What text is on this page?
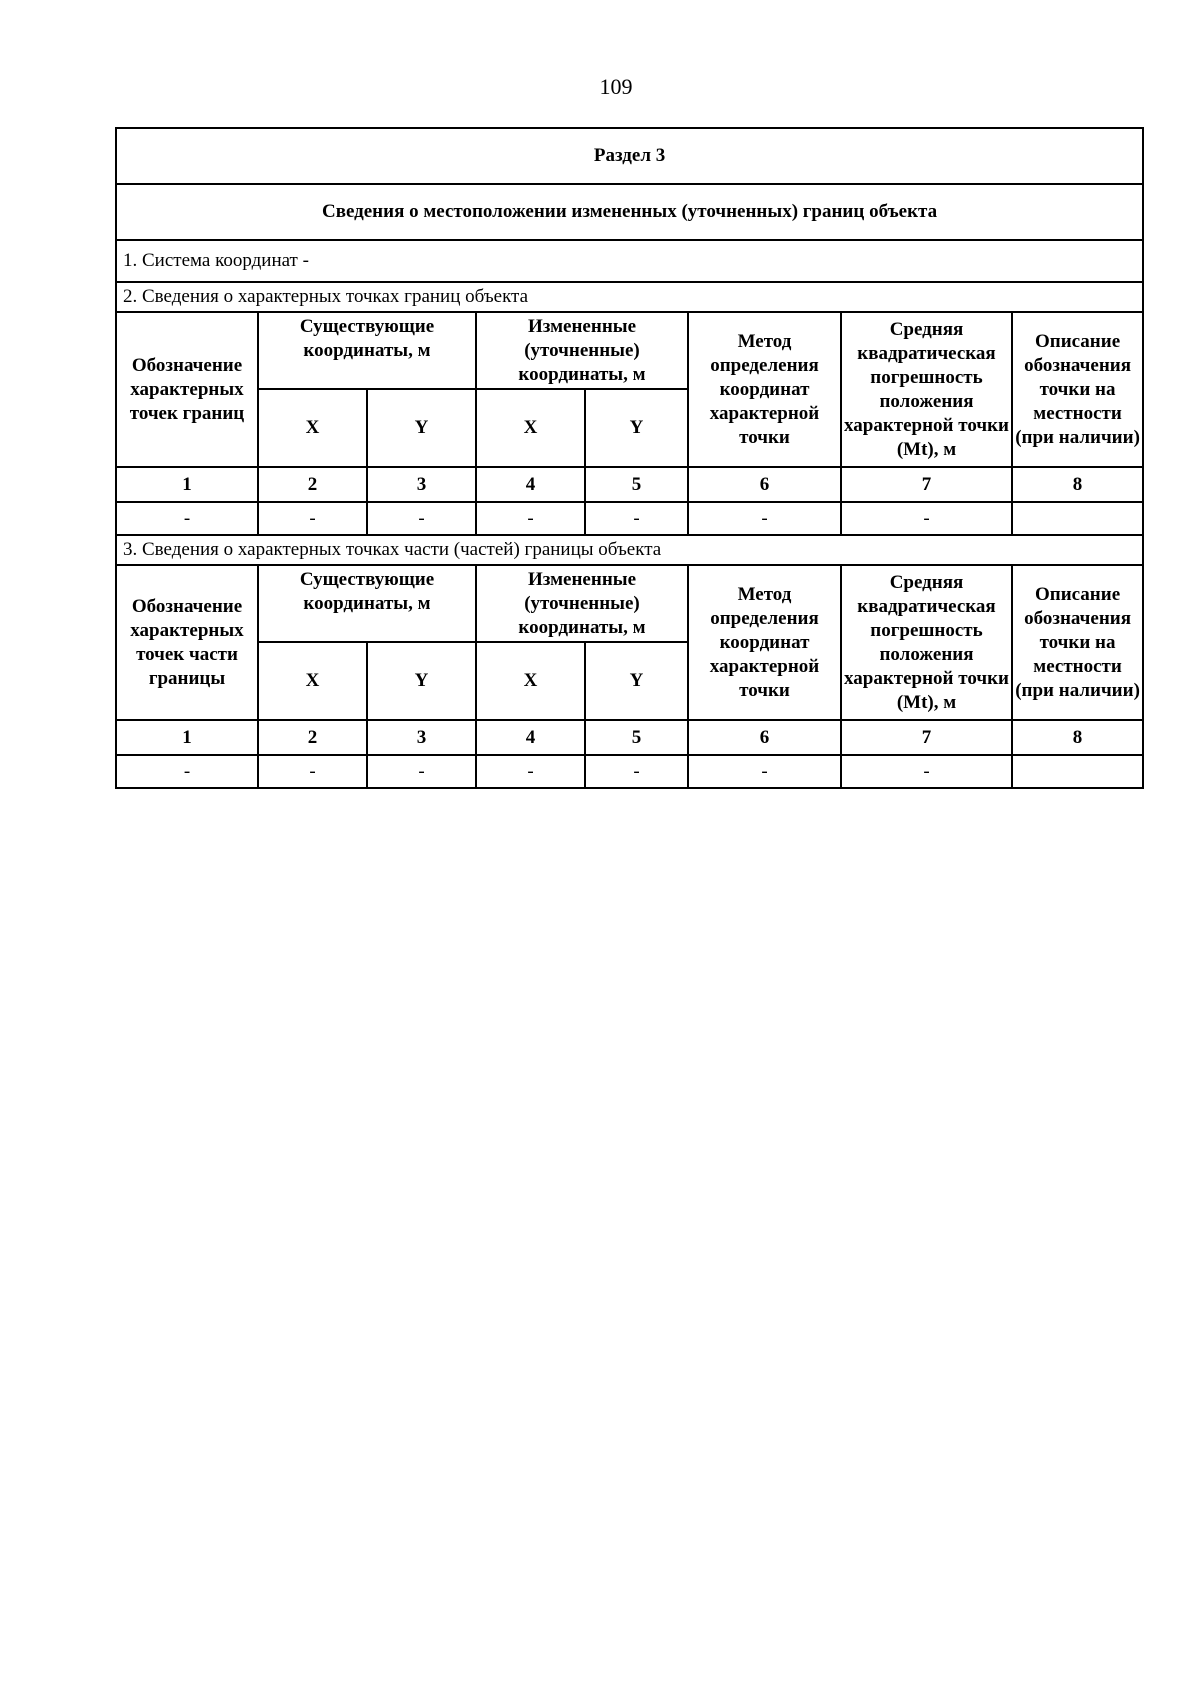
109
Раздел 3							
Сведения о местоположении измененных (уточненных) границ объекта							
1. Система координат -							
2. Сведения о характерных точках границ объекта							
Обозначение характерных точек границ	Существующие координаты, м		Измененные (уточненные) координаты, м		Метод определения координат характерной точки	Средняя квадратическая погрешность положения характерной точки (Mt), м	Описание обозначения точки на местности (при наличии)
	X	Y	X	Y			
1	2	3	4	5	6	7	8
-	-	-	-	-	-	-	
3. Сведения о характерных точках части (частей) границы объекта							
Обозначение характерных точек части границы	Существующие координаты, м		Измененные (уточненные) координаты, м		Метод определения координат характерной точки	Средняя квадратическая погрешность положения характерной точки (Mt), м	Описание обозначения точки на местности (при наличии)
	X	Y	X	Y			
1	2	3	4	5	6	7	8
-	-	-	-	-	-	-	
